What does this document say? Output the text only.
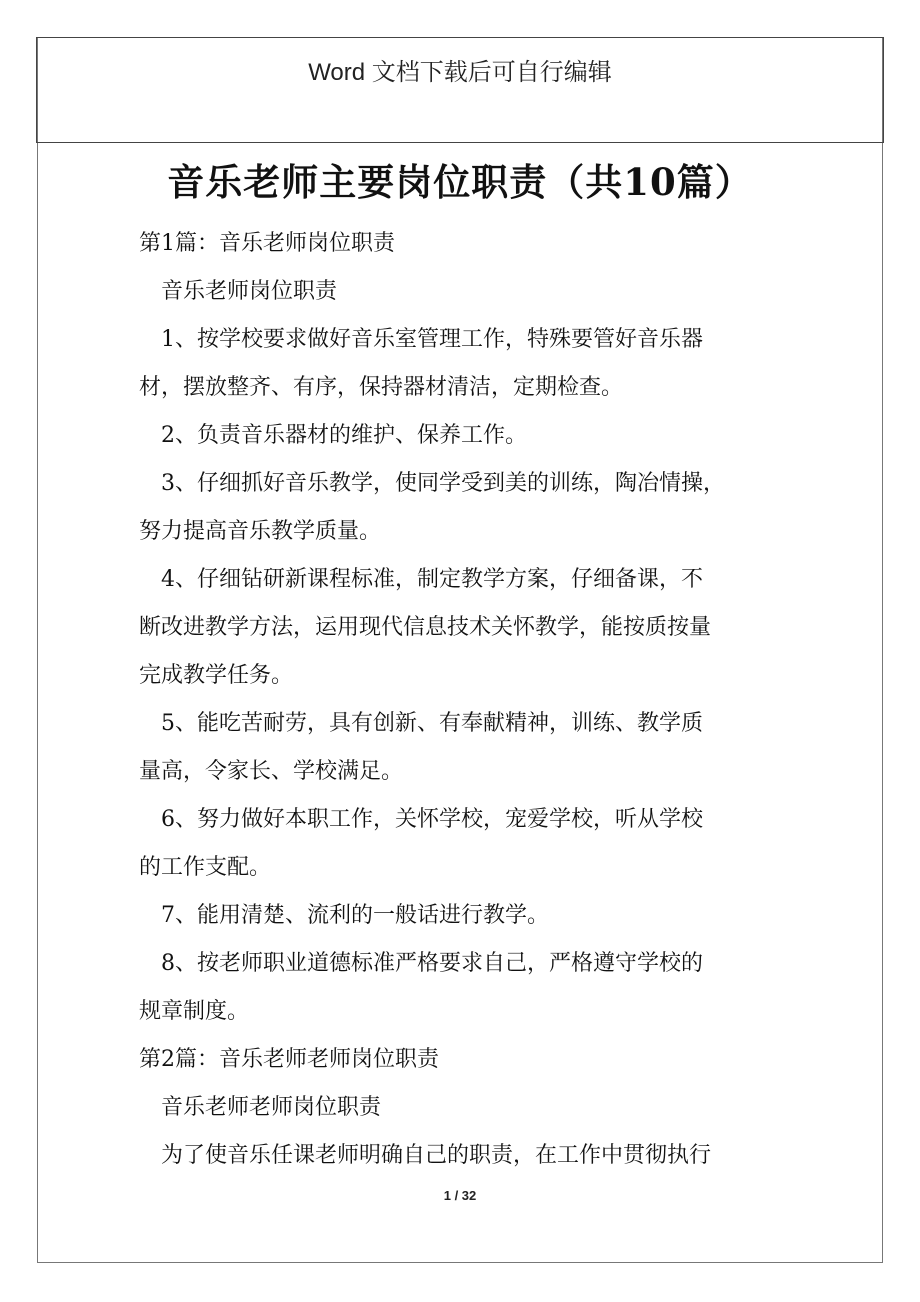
Word 文档下载后可自行编辑
音乐老师主要岗位职责（共10篇）
第1篇：音乐老师岗位职责
音乐老师岗位职责
1、按学校要求做好音乐室管理工作，特殊要管好音乐器
材，摆放整齐、有序，保持器材清洁，定期检查。
2、负责音乐器材的维护、保养工作。
3、仔细抓好音乐教学，使同学受到美的训练，陶冶情操，
努力提高音乐教学质量。
4、仔细钻研新课程标准，制定教学方案，仔细备课，不
断改进教学方法，运用现代信息技术关怀教学，能按质按量
完成教学任务。
5、能吃苦耐劳，具有创新、有奉献精神，训练、教学质
量高，令家长、学校满足。
6、努力做好本职工作，关怀学校，宠爱学校，听从学校
的工作支配。
7、能用清楚、流利的一般话进行教学。
8、按老师职业道德标准严格要求自己，严格遵守学校的
规章制度。
第2篇：音乐老师老师岗位职责
音乐老师老师岗位职责
为了使音乐任课老师明确自己的职责，在工作中贯彻执行
1 / 32
